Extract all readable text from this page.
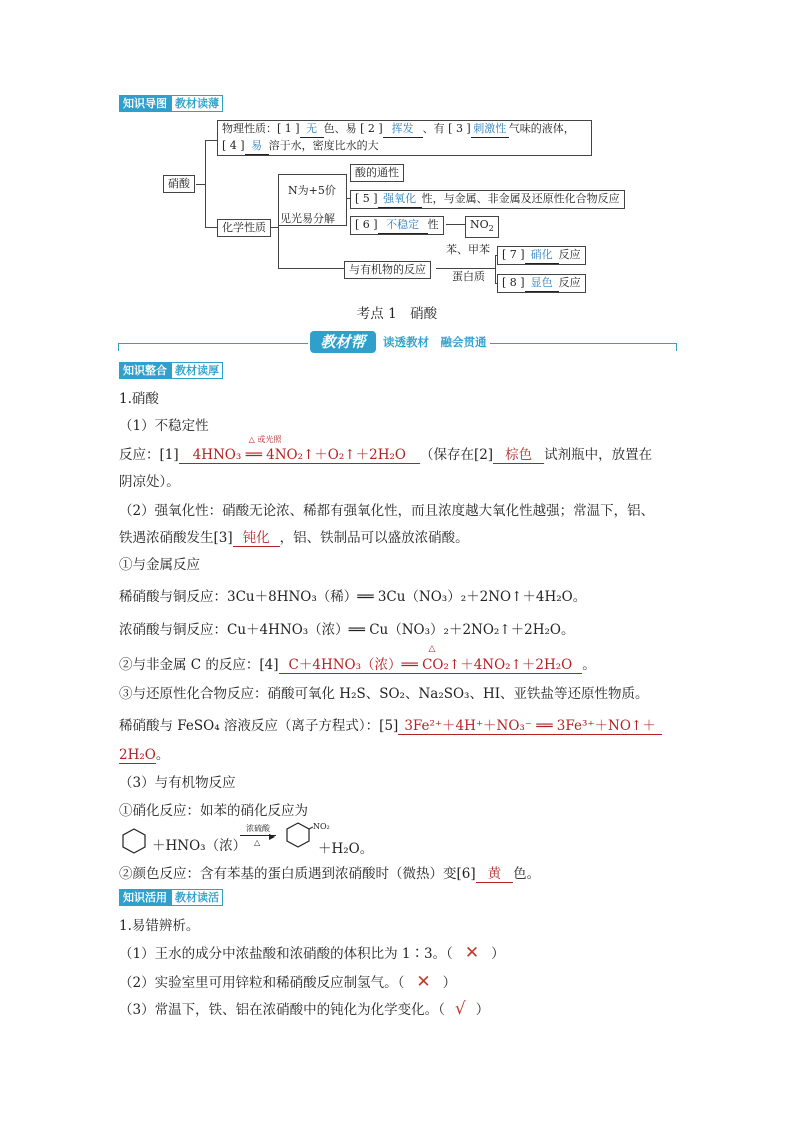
知识导图 教材读薄
硝酸
物理性质：[ 1 ] 无 色、易 [ 2 ] 挥发 、有 [ 3 ] 刺激性 气味的液体，
[ 4 ] 易 溶于水，密度比水的大
化学性质
N为+5价
见光易分解
酸的通性
[ 5 ] 强氧化 性，与金属、非金属及还原性化合物反应
[ 6 ] 不稳定 性	$NO_2$
与有机物的反应
苯、甲苯
蛋白质
[ 7 ] 硝化 反应
[ 8 ] 显色 反应
考点 1　硝酸
教材帮	读透教材　融会贯通
知识整合 教材读厚
1.硝酸
（1）不稳定性
反应：[1] 4HNO₃ ══ 4NO₂↑＋O₂↑＋2H₂O
△ 或光照
（保存在[2] 棕色 试剂瓶中，放置在
阴凉处）。
（2）强氧化性：硝酸无论浓、稀都有强氧化性，而且浓度越大氧化性越强；常温下，铝、
铁遇浓硝酸发生[3] 钝化 ，铝、铁制品可以盛放浓硝酸。
①与金属反应
稀硝酸与铜反应：3Cu＋8HNO₃（稀）══ 3Cu（NO₃）₂＋2NO↑＋4H₂O。
浓硝酸与铜反应：Cu＋4HNO₃（浓）══ Cu（NO₃）₂＋2NO₂↑＋2H₂O。
②与非金属 C 的反应：[4] C＋4HNO₃（浓）══ CO₂↑＋4NO₂↑＋2H₂O
△
。
③与还原性化合物反应：硝酸可氧化 H₂S、SO₂、Na₂SO₃、HI、亚铁盐等还原性物质。
稀硝酸与 FeSO₄ 溶液反应（离子方程式）：[5] 3Fe²⁺＋4H⁺＋NO₃⁻ ══ 3Fe³⁺＋NO↑＋
2H₂O。
（3）与有机物反应
①硝化反应：如苯的硝化反应为
＋HNO₃（浓）
浓硫酸
▶
△
NO₂
＋H₂O。
②颜色反应：含有苯基的蛋白质遇到浓硝酸时（微热）变[6] 黄 色。
知识活用 教材读活
1.易错辨析。
（1）王水的成分中浓盐酸和浓硝酸的体积比为 1∶3。（ ✕ ）
（2）实验室里可用锌粒和稀硝酸反应制氢气。（ ✕ ）
（3）常温下，铁、铝在浓硝酸中的钝化为化学变化。（ √ ）
